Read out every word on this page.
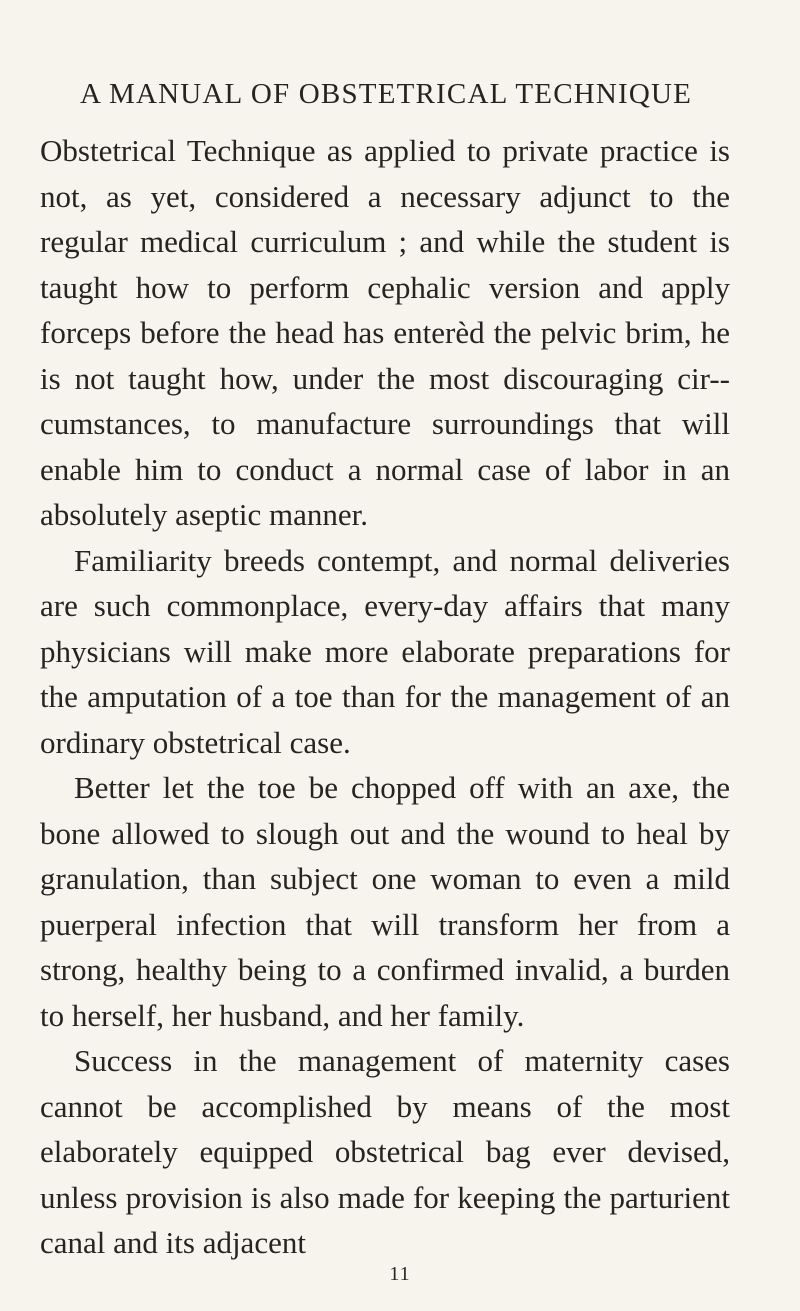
A MANUAL OF OBSTETRICAL TECHNIQUE

Obstetrical Technique as applied to private practice is not, as yet, considered a necessary adjunct to the regular medical curriculum ; and while the student is taught how to perform cephalic version and apply forceps before the head has enterèd the pelvic brim, he is not taught how, under the most discouraging cir-cumstances, to manufacture surroundings that will enable him to conduct a normal case of labor in an absolutely aseptic manner.

Familiarity breeds contempt, and normal deliveries are such commonplace, every-day affairs that many physicians will make more elaborate preparations for the amputation of a toe than for the management of an ordinary obstetrical case.

Better let the toe be chopped off with an axe, the bone allowed to slough out and the wound to heal by granulation, than subject one woman to even a mild puerperal infection that will transform her from a strong, healthy being to a confirmed invalid, a burden to herself, her husband, and her family.

Success in the management of maternity cases cannot be accomplished by means of the most elaborately equipped obstetrical bag ever devised, unless provision is also made for keeping the parturient canal and its adjacent

11
